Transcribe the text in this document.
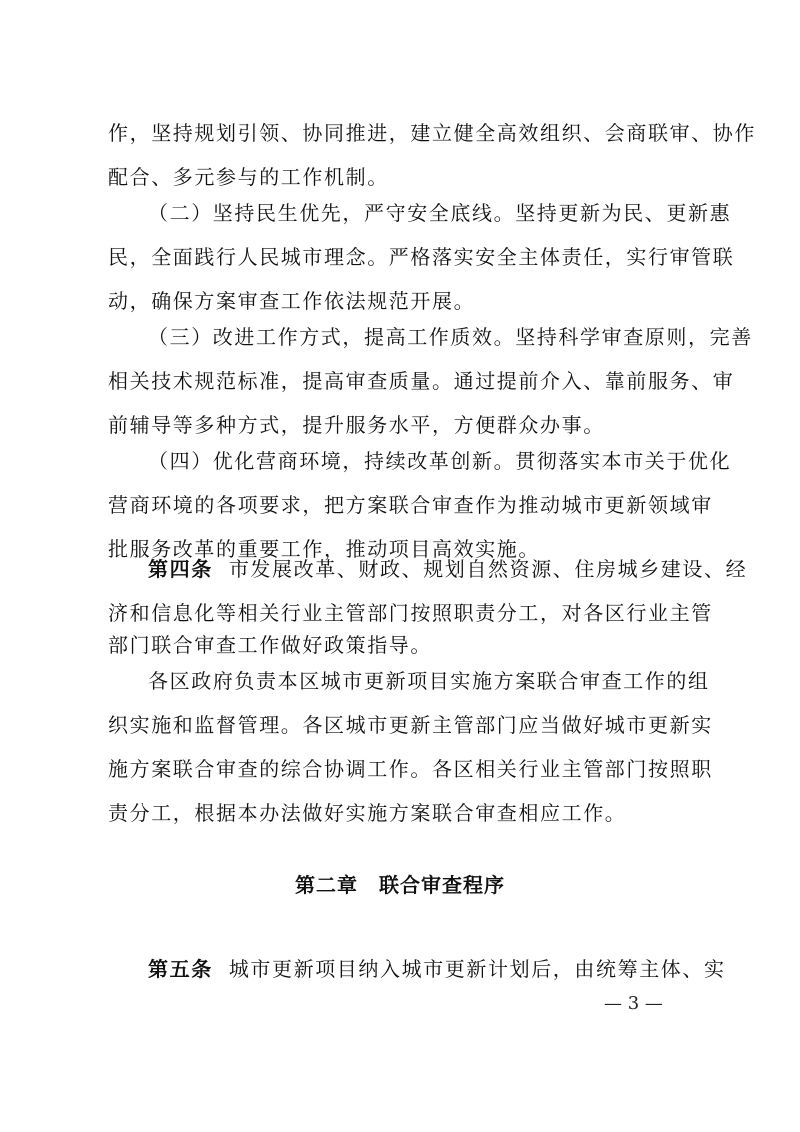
作，坚持规划引领、协同推进，建立健全高效组织、会商联审、协作
配合、多元参与的工作机制。
（二）坚持民生优先，严守安全底线。坚持更新为民、更新惠
民，全面践行人民城市理念。严格落实安全主体责任，实行审管联
动，确保方案审查工作依法规范开展。
（三）改进工作方式，提高工作质效。坚持科学审查原则，完善
相关技术规范标准，提高审查质量。通过提前介入、靠前服务、审
前辅导等多种方式，提升服务水平，方便群众办事。
（四）优化营商环境，持续改革创新。贯彻落实本市关于优化
营商环境的各项要求，把方案联合审查作为推动城市更新领域审
批服务改革的重要工作，推动项目高效实施。
第四条 市发展改革、财政、规划自然资源、住房城乡建设、经
济和信息化等相关行业主管部门按照职责分工，对各区行业主管
部门联合审查工作做好政策指导。
各区政府负责本区城市更新项目实施方案联合审查工作的组
织实施和监督管理。各区城市更新主管部门应当做好城市更新实
施方案联合审查的综合协调工作。各区相关行业主管部门按照职
责分工，根据本办法做好实施方案联合审查相应工作。
第二章　联合审查程序
第五条 城市更新项目纳入城市更新计划后，由统筹主体、实
— 3 —
